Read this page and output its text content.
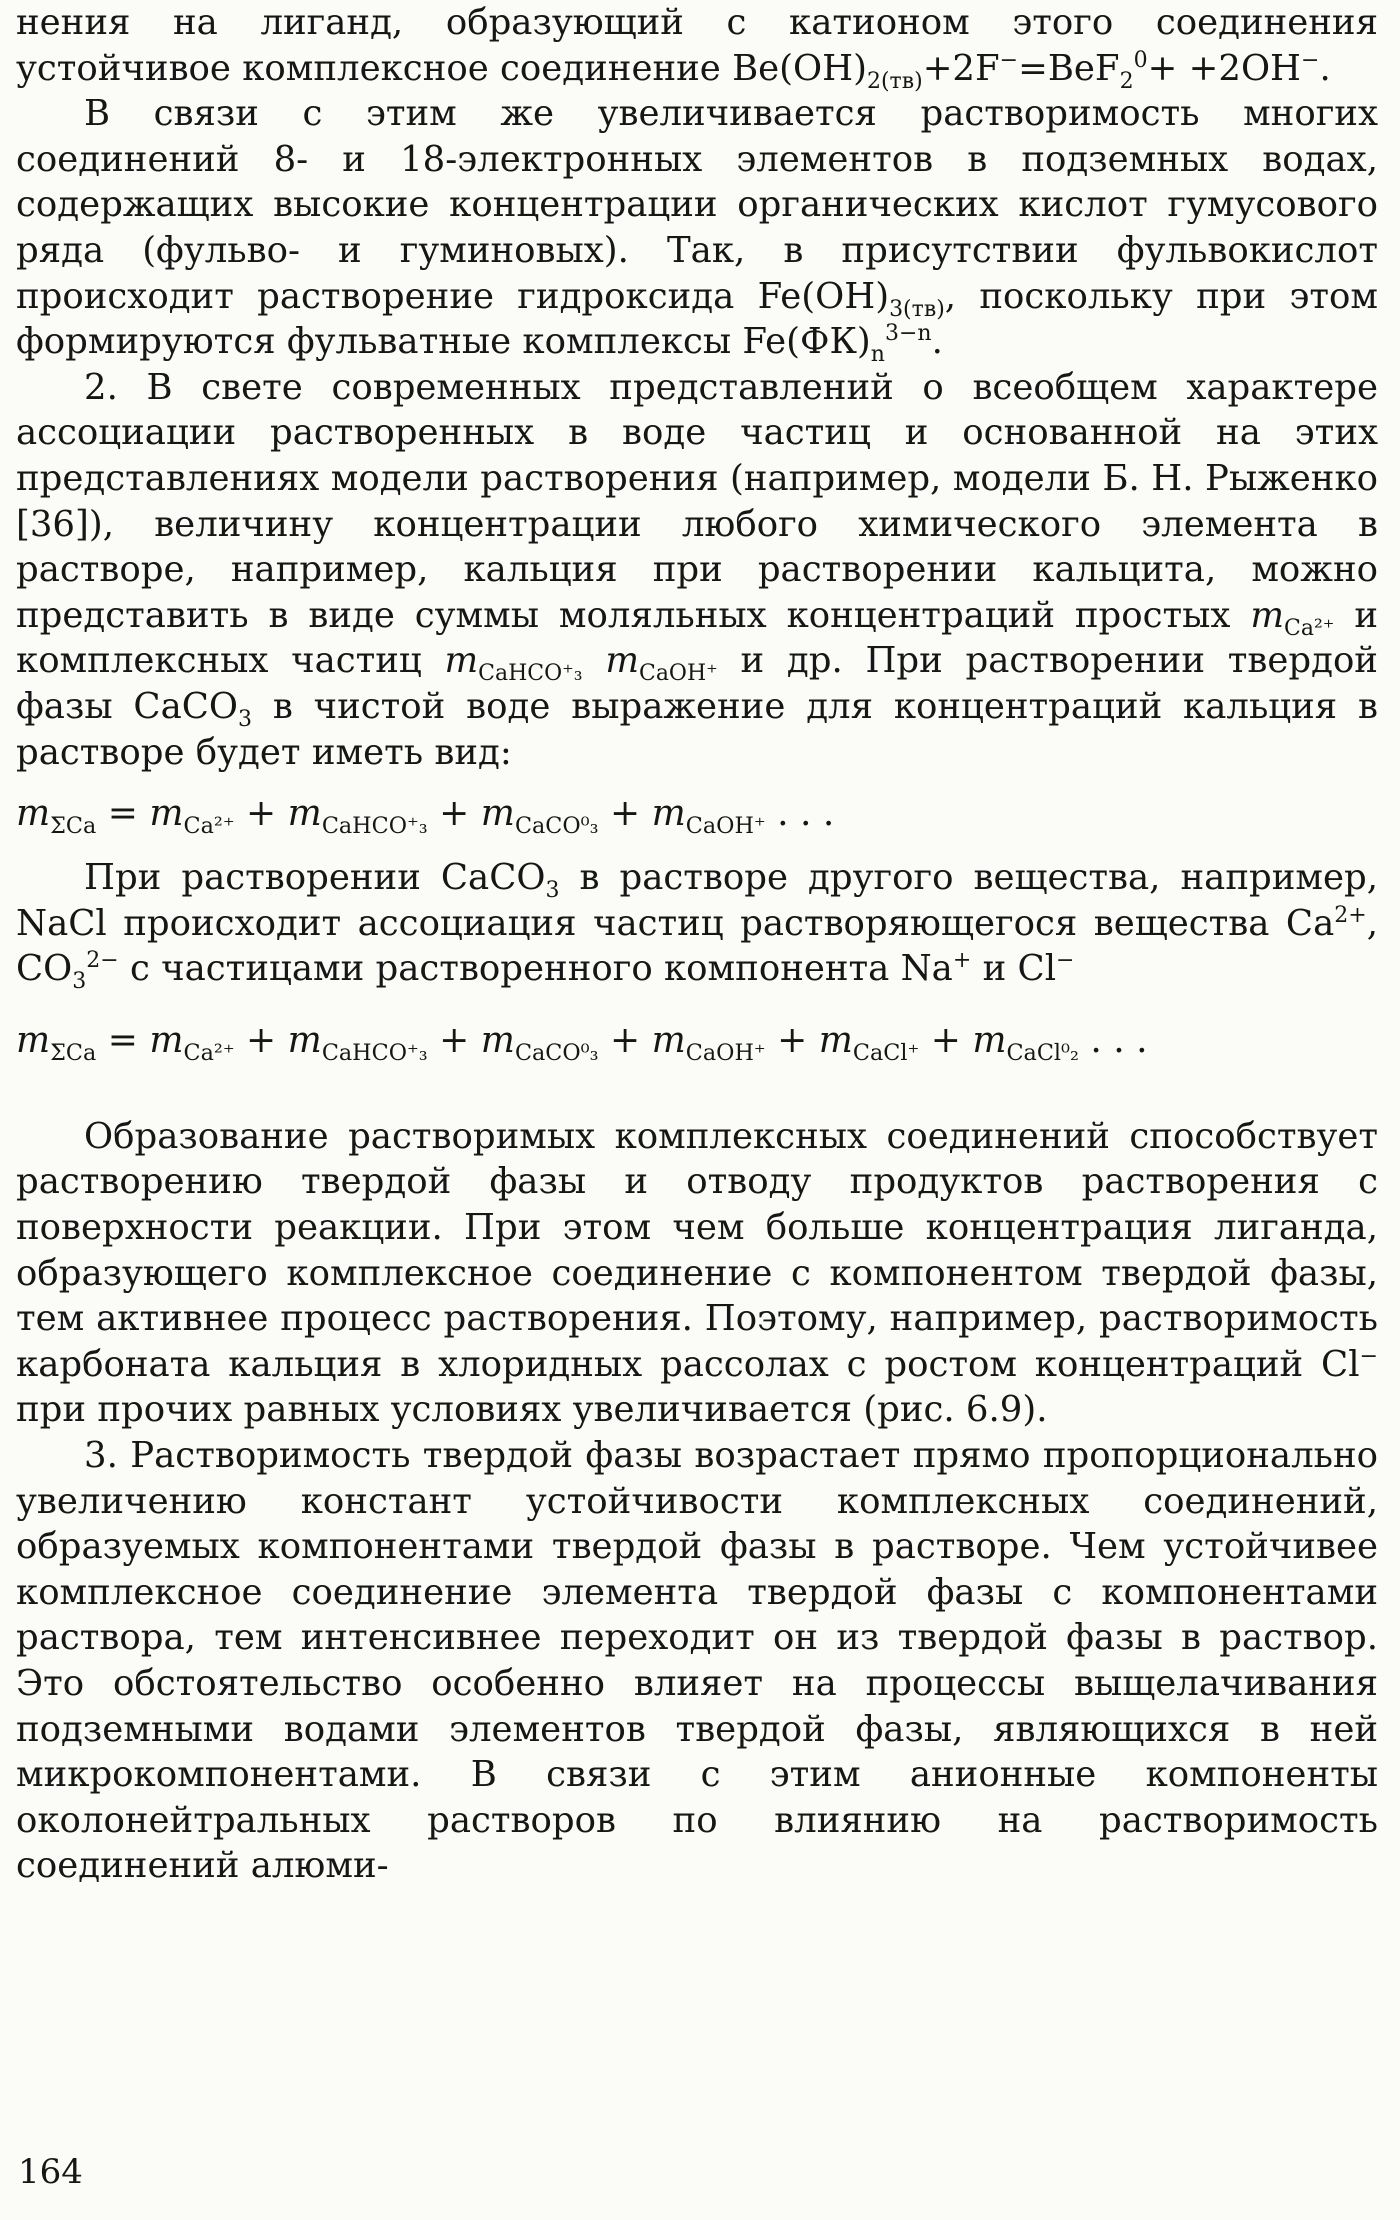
нения на лиганд, образующий с катионом этого соединения устойчивое комплексное соединение $Be(OH)_{2(тв)}+2F^-=BeF_2^0+ +2OH^-$.

В связи с этим же увеличивается растворимость многих соединений 8- и 18-электронных элементов в подземных водах, содержащих высокие концентрации органических кислот гумусового ряда (фульво- и гуминовых). Так, в присутствии фульвокислот происходит растворение гидроксида $Fe(OH)_{3(тв)}$, поскольку при этом формируются фульватные комплексы $Fe(ФК)_n^{3-n}$.

2. В свете современных представлений о всеобщем характере ассоциации растворенных в воде частиц и основанной на этих представлениях модели растворения (например, модели Б. Н. Рыженко [36]), величину концентрации любого химического элемента в растворе, например, кальция при растворении кальцита, можно представить в виде суммы моляльных концентраций простых $m_{Ca^{2+}}$ и комплексных частиц $m_{CaHCO^+_3}$ $m_{CaOH^+}$ и др. При растворении твердой фазы CaCO$_3$ в чистой воде выражение для концентраций кальция в растворе будет иметь вид:

$m_{\Sigma Ca} = m_{Ca^{2+}} + m_{CaHCO^+_3} + m_{CaCO^0_3} + m_{CaOH^+}$ . . .

При растворении CaCO$_3$ в растворе другого вещества, например, NaCl происходит ассоциация частиц растворяющегося вещества $Ca^{2+}$, $CO_3^{2-}$ с частицами растворенного компонента Na+ и Cl−

$m_{\Sigma Ca} = m_{Ca^{2+}} + m_{CaHCO^+_3} + m_{CaCO^0_3} + m_{CaOH^+} + m_{CaCl^+} + m_{CaCl^0_2}$ . . .

Образование растворимых комплексных соединений способствует растворению твердой фазы и отводу продуктов растворения с поверхности реакции. При этом чем больше концентрация лиганда, образующего комплексное соединение с компонентом твердой фазы, тем активнее процесс растворения. Поэтому, например, растворимость карбоната кальция в хлоридных рассолах с ростом концентраций Cl− при прочих равных условиях увеличивается (рис. 6.9).

3. Растворимость твердой фазы возрастает прямо пропорционально увеличению констант устойчивости комплексных соединений, образуемых компонентами твердой фазы в растворе. Чем устойчивее комплексное соединение элемента твердой фазы с компонентами раствора, тем интенсивнее переходит он из твердой фазы в раствор. Это обстоятельство особенно влияет на процессы выщелачивания подземными водами элементов твердой фазы, являющихся в ней микрокомпонентами. В связи с этим анионные компоненты околонейтральных растворов по влиянию на растворимость соединений алюми-

164
